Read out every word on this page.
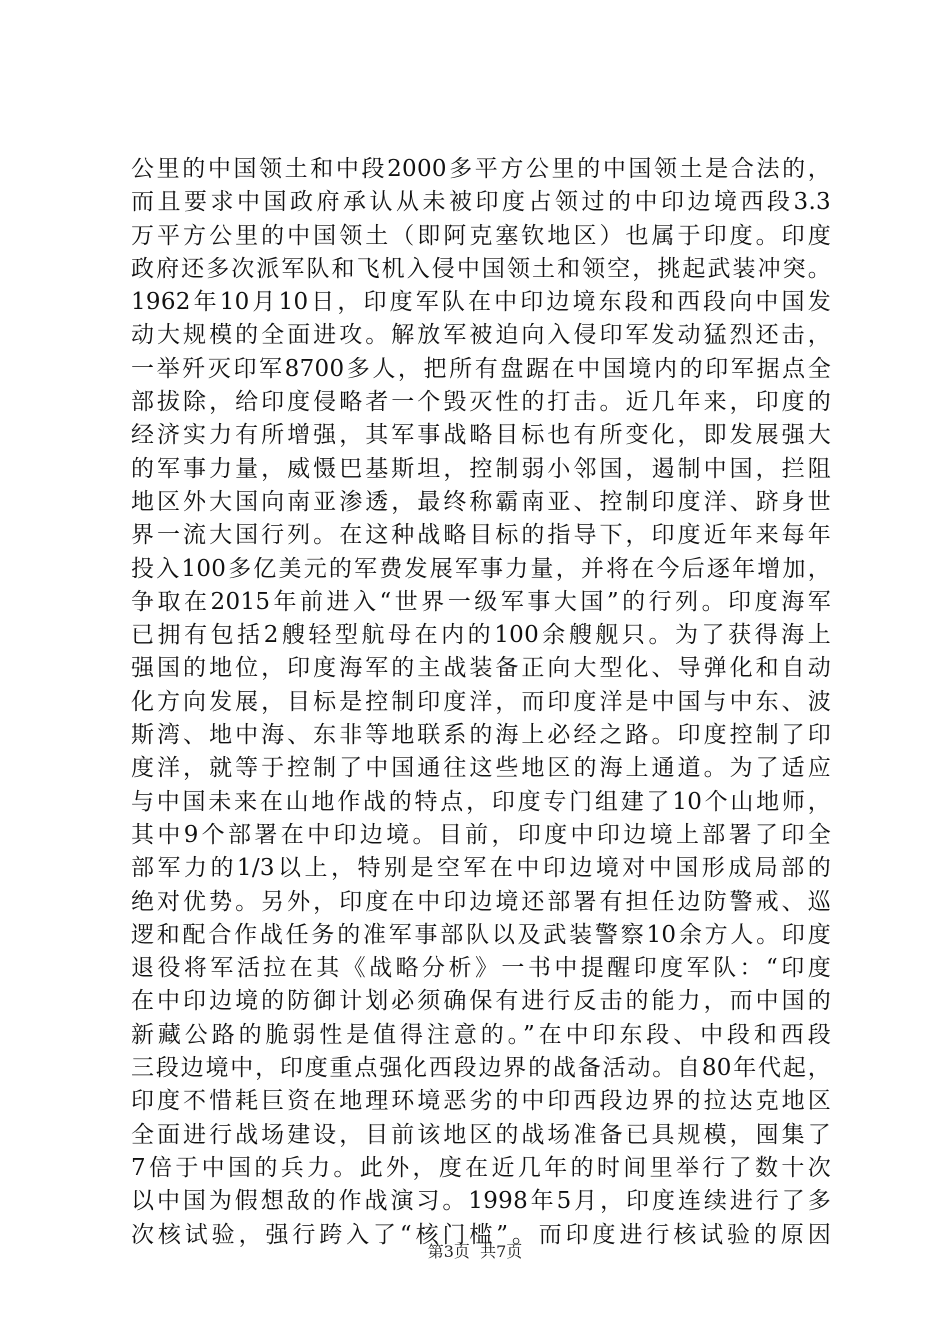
公里的中国领土和中段2000多平方公里的中国领土是合法的，
而且要求中国政府承认从未被印度占领过的中印边境西段3.3
万平方公里的中国领土（即阿克塞钦地区）也属于印度。印度
政府还多次派军队和飞机入侵中国领土和领空，挑起武装冲突。
1962年10月10日，印度军队在中印边境东段和西段向中国发
动大规模的全面进攻。解放军被迫向入侵印军发动猛烈还击，
一举歼灭印军8700多人，把所有盘踞在中国境内的印军据点全
部拔除，给印度侵略者一个毁灭性的打击。近几年来，印度的
经济实力有所增强，其军事战略目标也有所变化，即发展强大
的军事力量，威慑巴基斯坦，控制弱小邻国，遏制中国，拦阻
地区外大国向南亚渗透，最终称霸南亚、控制印度洋、跻身世
界一流大国行列。在这种战略目标的指导下，印度近年来每年
投入100多亿美元的军费发展军事力量，并将在今后逐年增加，
争取在2015年前进入“世界一级军事大国”的行列。印度海军
已拥有包括2艘轻型航母在内的100余艘舰只。为了获得海上
强国的地位，印度海军的主战装备正向大型化、导弹化和自动
化方向发展，目标是控制印度洋，而印度洋是中国与中东、波
斯湾、地中海、东非等地联系的海上必经之路。印度控制了印
度洋，就等于控制了中国通往这些地区的海上通道。为了适应
与中国未来在山地作战的特点，印度专门组建了10个山地师，
其中9个部署在中印边境。目前，印度中印边境上部署了印全
部军力的1/3以上，特别是空军在中印边境对中国形成局部的
绝对优势。另外，印度在中印边境还部署有担任边防警戒、巡
逻和配合作战任务的准军事部队以及武装警察10余方人。印度
退役将军活拉在其《战略分析》一书中提醒印度军队：“印度
在中印边境的防御计划必须确保有进行反击的能力，而中国的
新藏公路的脆弱性是值得注意的。”在中印东段、中段和西段
三段边境中，印度重点强化西段边界的战备活动。自80年代起，
印度不惜耗巨资在地理环境恶劣的中印西段边界的拉达克地区
全面进行战场建设，目前该地区的战场准备已具规模，囤集了
7倍于中国的兵力。此外，度在近几年的时间里举行了数十次
以中国为假想敌的作战演习。1998年5月，印度连续进行了多
次核试验，强行跨入了“核门槛”。而印度进行核试验的原因
第3页  共7页
